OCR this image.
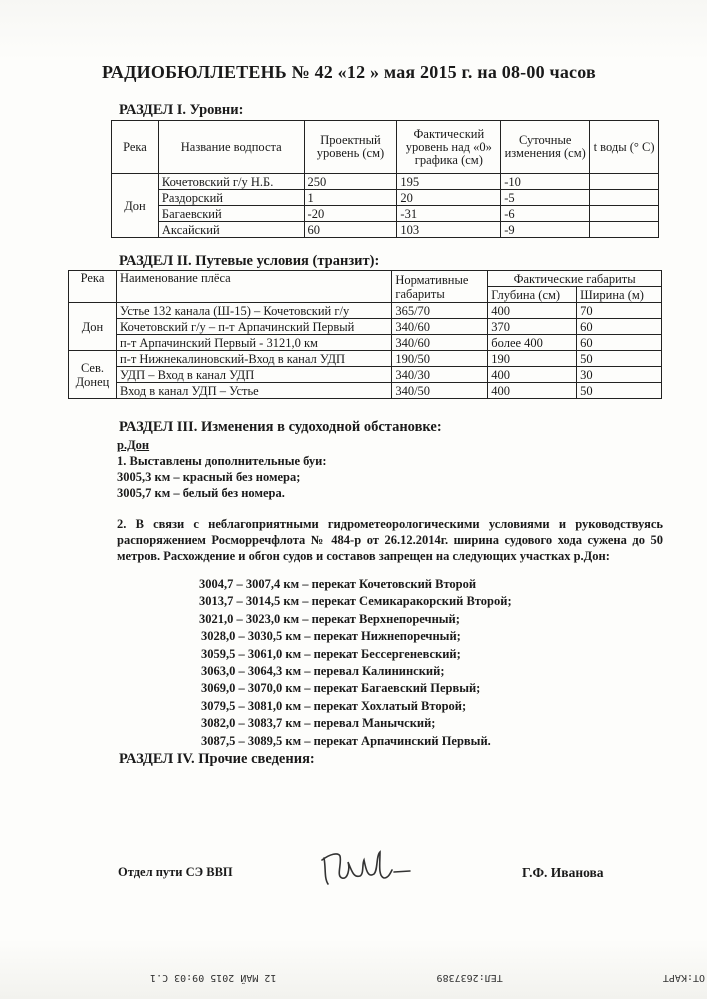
РАДИОБЮЛЛЕТЕНЬ № 42 «12 » мая 2015 г. на 08-00 часов
РАЗДЕЛ I. Уровни:
Река	Название водпоста	Проектный уровень (см)	Фактический уровень над «0» графика (см)	Суточные изменения (см)	t воды (° C)
Дон	Кочетовский г/у Н.Б.	250	195	-10	
	Раздорский	1	20	-5	
	Багаевский	-20	-31	-6	
	Аксайский	60	103	-9	
РАЗДЕЛ II. Путевые условия (транзит):
Река	Наименование плёса	Нормативные габариты	Фактические габариты	
			Глубина (см)	Ширина (м)
Дон	Устье 132 канала (Ш-15) – Кочетовский г/у	365/70	400	70
	Кочетовский г/у – п-т Арпачинский Первый	340/60	370	60
	п-т Арпачинский Первый - 3121,0 км	340/60	более 400	60
Сев. Донец	п-т Нижнекалиновский-Вход в канал УДП	190/50	190	50
	УДП – Вход в канал УДП	340/30	400	30
	Вход в канал УДП – Устье	340/50	400	50
РАЗДЕЛ III. Изменения в судоходной обстановке:
р.Дон
1. Выставлены дополнительные буи:
3005,3 км – красный без номера;
3005,7 км – белый без номера.
2. В связи с неблагоприятными гидрометеорологическими условиями и руководствуясь распоряжением Росморречфлота № 484-р от 26.12.2014г. ширина судового хода сужена до 50 метров. Расхождение и обгон судов и составов запрещен на следующих участках р.Дон:
3004,7 – 3007,4 км – перекат Кочетовский Второй
3013,7 – 3014,5 км – перекат Семикаракорский Второй;
3021,0 – 3023,0 км – перекат Верхнепоречный;
3028,0 – 3030,5 км – перекат Нижнепоречный;
3059,5 – 3061,0 км – перекат Бессергеневский;
3063,0 – 3064,3 км – перевал Калининский;
3069,0 – 3070,0 км – перекат Багаевский Первый;
3079,5 – 3081,0 км – перекат Хохлатый Второй;
3082,0 – 3083,7 км – перевал Манычский;
3087,5 – 3089,5 км – перекат Арпачинский Первый.
РАЗДЕЛ IV. Прочие сведения:
Отдел пути СЭ ВВП	Г.Ф. Иванова
ОТ:КАРТ
ТЕЛ:2637389
12 МАЙ 2015 09:03 С.1
